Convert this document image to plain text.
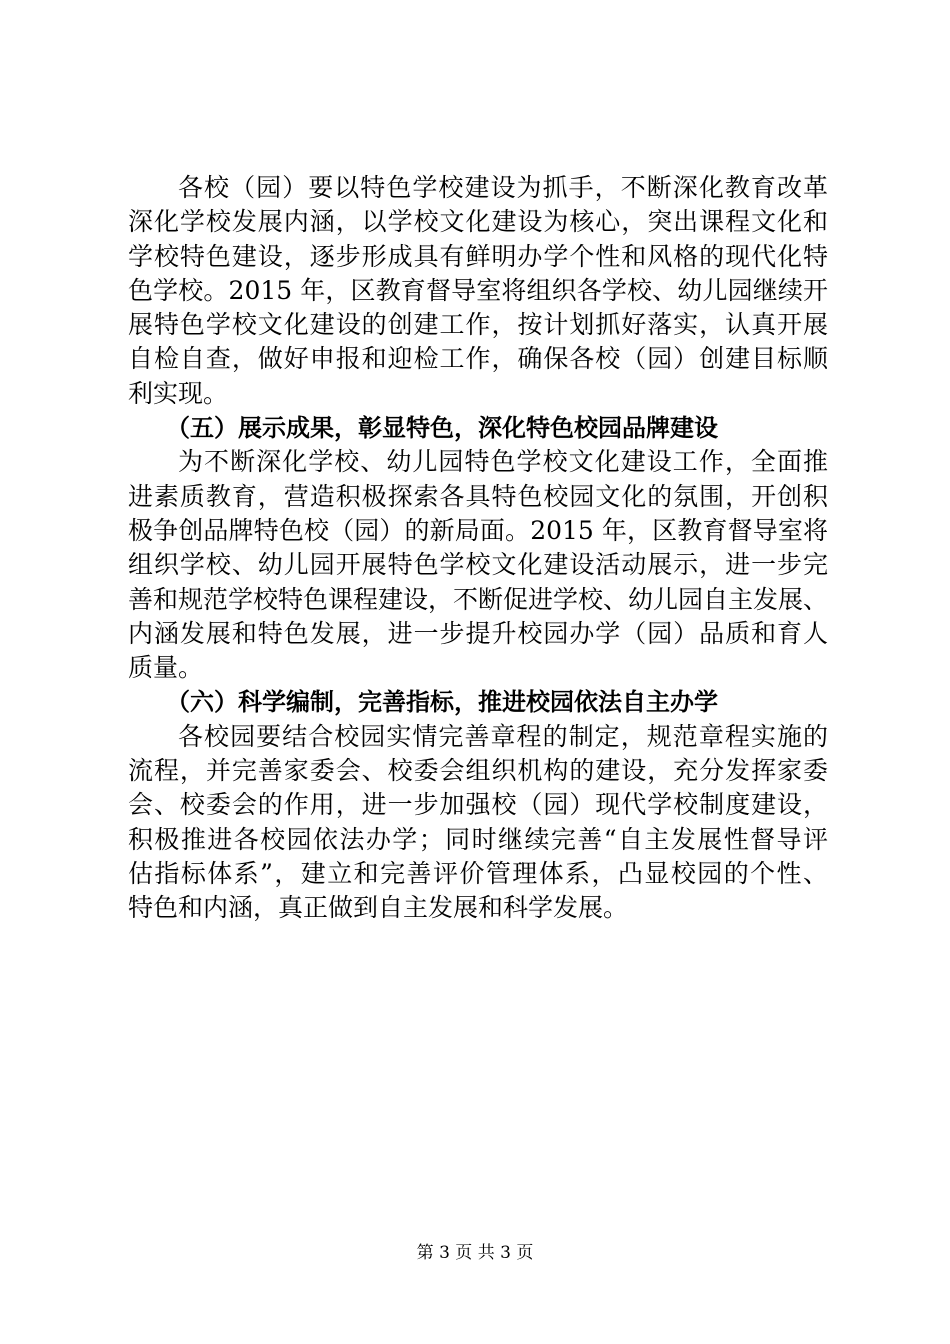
各校（园）要以特色学校建设为抓手，不断深化教育改革
深化学校发展内涵，以学校文化建设为核心，突出课程文化和
学校特色建设，逐步形成具有鲜明办学个性和风格的现代化特
色学校。2015 年，区教育督导室将组织各学校、幼儿园继续开
展特色学校文化建设的创建工作，按计划抓好落实，认真开展
自检自查，做好申报和迎检工作，确保各校（园）创建目标顺
利实现。
（五）展示成果，彰显特色，深化特色校园品牌建设
为不断深化学校、幼儿园特色学校文化建设工作，全面推
进素质教育，营造积极探索各具特色校园文化的氛围，开创积
极争创品牌特色校（园）的新局面。2015 年，区教育督导室将
组织学校、幼儿园开展特色学校文化建设活动展示，进一步完
善和规范学校特色课程建设，不断促进学校、幼儿园自主发展、
内涵发展和特色发展，进一步提升校园办学（园）品质和育人
质量。
（六）科学编制，完善指标，推进校园依法自主办学
各校园要结合校园实情完善章程的制定，规范章程实施的
流程，并完善家委会、校委会组织机构的建设，充分发挥家委
会、校委会的作用，进一步加强校（园）现代学校制度建设，
积极推进各校园依法办学；同时继续完善“自主发展性督导评
估指标体系”，建立和完善评价管理体系，凸显校园的个性、
特色和内涵，真正做到自主发展和科学发展。
第 3 页 共 3 页
